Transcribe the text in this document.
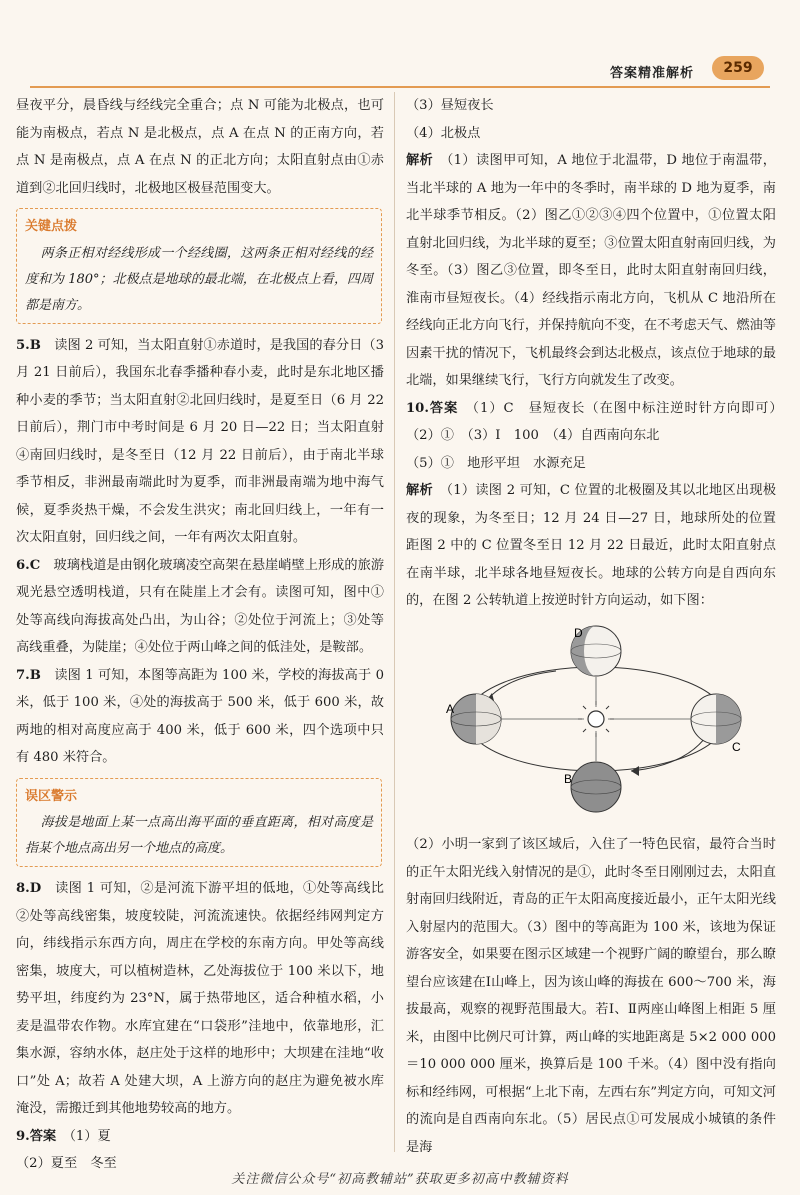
答案精准解析	259

昼夜平分，晨昏线与经线完全重合；点 N 可能为北极点，也可能为南极点，若点 N 是北极点，点 A 在点 N 的正南方向，若点 N 是南极点，点 A 在点 N 的正北方向；太阳直射点由①赤道到②北回归线时，北极地区极昼范围变大。

关键点拨

两条正相对经线形成一个经线圈，这两条正相对经线的经度和为 180°；北极点是地球的最北端，在北极点上看，四周都是南方。

5.B　 读图 2 可知，当太阳直射①赤道时，是我国的春分日（3 月 21 日前后），我国东北春季播种春小麦，此时是东北地区播种小麦的季节；当太阳直射②北回归线时，是夏至日（6 月 22 日前后），荆门市中考时间是 6 月 20 日—22 日；当太阳直射④南回归线时，是冬至日（12 月 22 日前后），由于南北半球季节相反，非洲最南端此时为夏季，而非洲最南端为地中海气候，夏季炎热干燥，不会发生洪灾；南北回归线上，一年有一次太阳直射，回归线之间，一年有两次太阳直射。

6.C　 玻璃栈道是由钢化玻璃凌空高架在悬崖峭壁上形成的旅游观光悬空透明栈道，只有在陡崖上才会有。读图可知，图中①处等高线向海拔高处凸出，为山谷；②处位于河流上；③处等高线重叠，为陡崖；④处位于两山峰之间的低洼处，是鞍部。

7.B　 读图 1 可知，本图等高距为 100 米，学校的海拔高于 0 米，低于 100 米，④处的海拔高于 500 米，低于 600 米，故两地的相对高度应高于 400 米，低于 600 米，四个选项中只有 480 米符合。

误区警示

海拔是地面上某一点高出海平面的垂直距离，相对高度是指某个地点高出另一个地点的高度。

8.D　 读图 1 可知，②是河流下游平坦的低地，①处等高线比②处等高线密集，坡度较陡，河流流速快。依据经纬网判定方向，纬线指示东西方向，周庄在学校的东南方向。甲处等高线密集，坡度大，可以植树造林，乙处海拔位于 100 米以下，地势平坦，纬度约为 23°N，属于热带地区，适合种植水稻，小麦是温带农作物。水库宜建在“口袋形”洼地中，依靠地形，汇集水源，容纳水体，赵庄处于这样的地形中；大坝建在洼地“收口”处 A；故若 A 处建大坝，A 上游方向的赵庄为避免被水库淹没，需搬迁到其他地势较高的地方。

9.答案　 （1）夏

（2）夏至　冬至

（3）昼短夜长

（4）北极点

解析　 （1）读图甲可知，A 地位于北温带，D 地位于南温带，当北半球的 A 地为一年中的冬季时，南半球的 D 地为夏季，南北半球季节相反。（2）图乙①②③④四个位置中，①位置太阳直射北回归线，为北半球的夏至；③位置太阳直射南回归线，为冬至。（3）图乙③位置，即冬至日，此时太阳直射南回归线，淮南市昼短夜长。（4）经线指示南北方向，飞机从 C 地沿所在经线向正北方向飞行，并保持航向不变，在不考虑天气、燃油等因素干扰的情况下，飞机最终会到达北极点，该点位于地球的最北端，如果继续飞行，飞行方向就发生了改变。

10.答案　 （1）C　昼短夜长（在图中标注逆时针方向即可）　（2）①　（3）Ⅰ　100　（4）自西南向东北

（5）①　地形平坦　水源充足

解析　 （1）读图 2 可知，C 位置的北极圈及其以北地区出现极夜的现象，为冬至日；12 月 24 日—27 日，地球所处的位置距图 2 中的 C 位置冬至日 12 月 22 日最近，此时太阳直射点在南半球，北半球各地昼短夜长。地球的公转方向是自西向东的，在图 2 公转轨道上按逆时针方向运动，如下图：

D
A
C
B

（2）小明一家到了该区域后，入住了一特色民宿，最符合当时的正午太阳光线入射情况的是①，此时冬至日刚刚过去，太阳直射南回归线附近，青岛的正午太阳高度接近最小，正午太阳光线入射屋内的范围大。（3）图中的等高距为 100 米，该地为保证游客安全，如果要在图示区域建一个视野广阔的瞭望台，那么瞭望台应该建在Ⅰ山峰上，因为该山峰的海拔在 600～700 米，海拔最高，观察的视野范围最大。若Ⅰ、Ⅱ两座山峰图上相距 5 厘米，由图中比例尺可计算，两山峰的实地距离是 5×2 000 000＝10 000 000 厘米，换算后是 100 千米。（4）图中没有指向标和经纬网，可根据“上北下南，左西右东”判定方向，可知文河的流向是自西南向东北。（5）居民点①可发展成小城镇的条件是海

关注微信公众号“初高教辅站”获取更多初高中教辅资料
